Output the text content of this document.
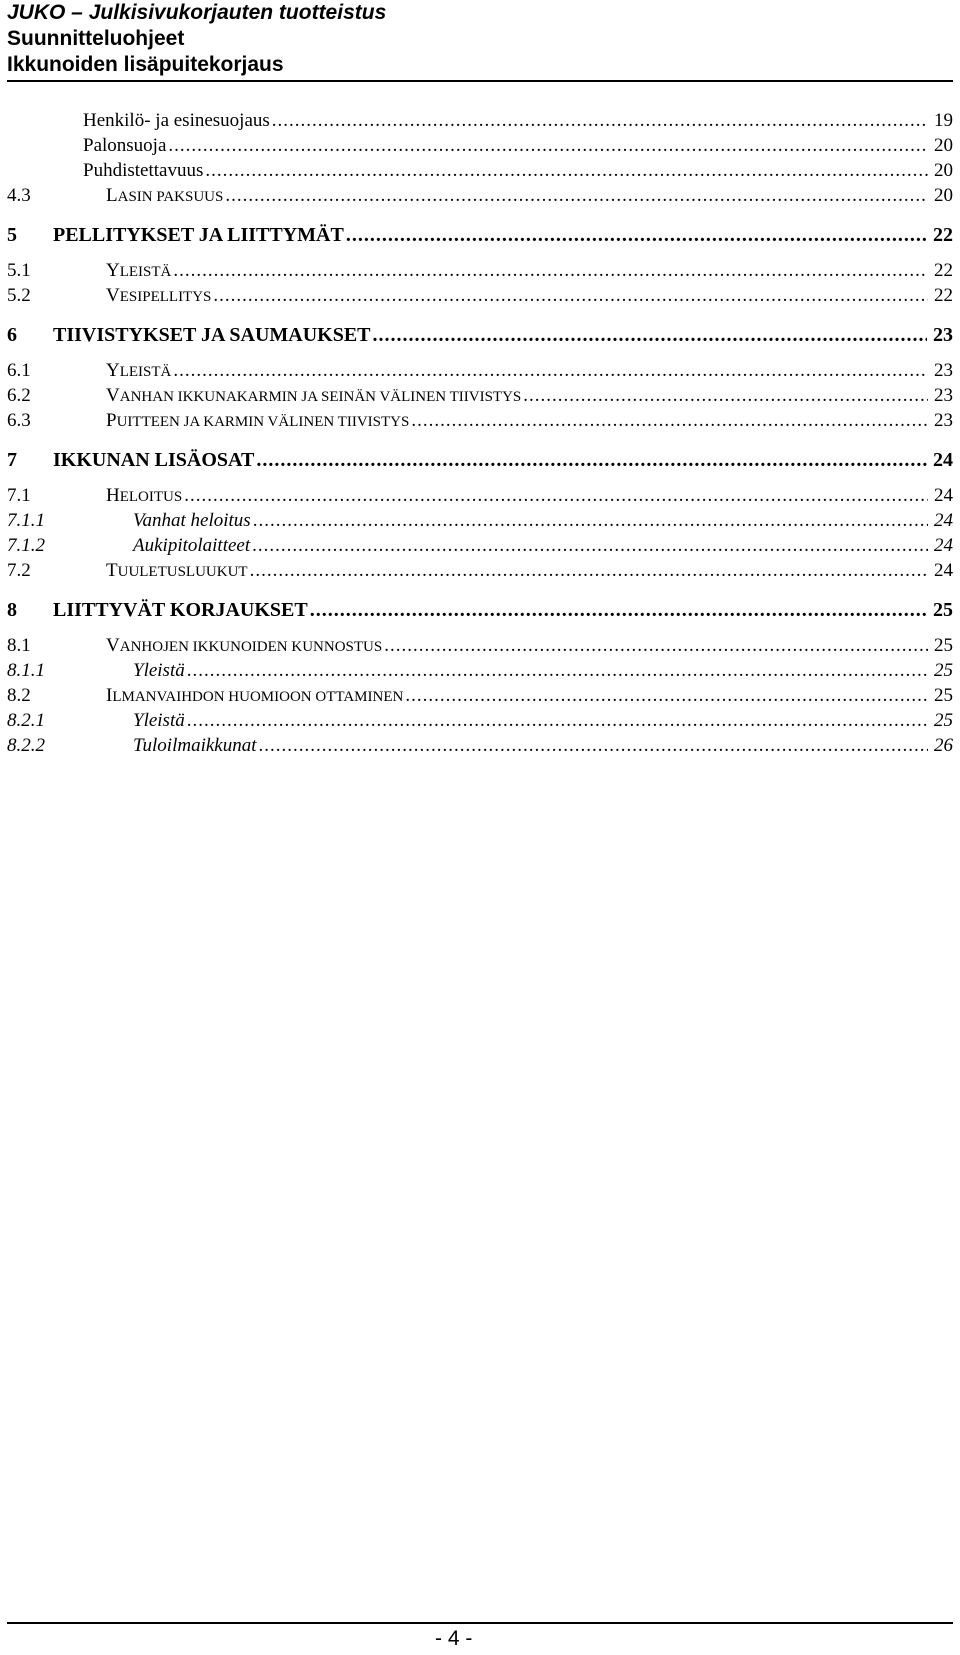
JUKO – Julkisivukorjauten tuotteistus
Suunnitteluohjeet
Ikkunoiden lisäpuitekorjaus
Henkilö- ja esinesuojaus .....	19
Palonsuoja .....	20
Puhdistettavuus .....	20
4.3	LASIN PAKSUUS .....	20
5	PELLITYKSET JA LIITTYMÄT .....	22
5.1	YLEISTÄ .....	22
5.2	VESIPELLITYS .....	22
6	TIIVISTYKSET JA SAUMAUKSET .....	23
6.1	YLEISTÄ .....	23
6.2	VANHAN IKKUNAKARMIN JA SEINÄN VÄLINEN TIIVISTYS .....	23
6.3	PUITTEEN JA KARMIN VÄLINEN TIIVISTYS .....	23
7	IKKUNAN LISÄOSAT .....	24
7.1	HELOITUS .....	24
7.1.1	Vanhat heloitus .....	24
7.1.2	Aukipitolaitteet .....	24
7.2	TUULETUSLUUKUT .....	24
8	LIITTYVÄT KORJAUKSET .....	25
8.1	VANHOJEN IKKUNOIDEN KUNNOSTUS .....	25
8.1.1	Yleistä .....	25
8.2	ILMANVAIHDON HUOMIOON OTTAMINEN .....	25
8.2.1	Yleistä .....	25
8.2.2	Tuloilmaikkunat .....	26
- 4 -
